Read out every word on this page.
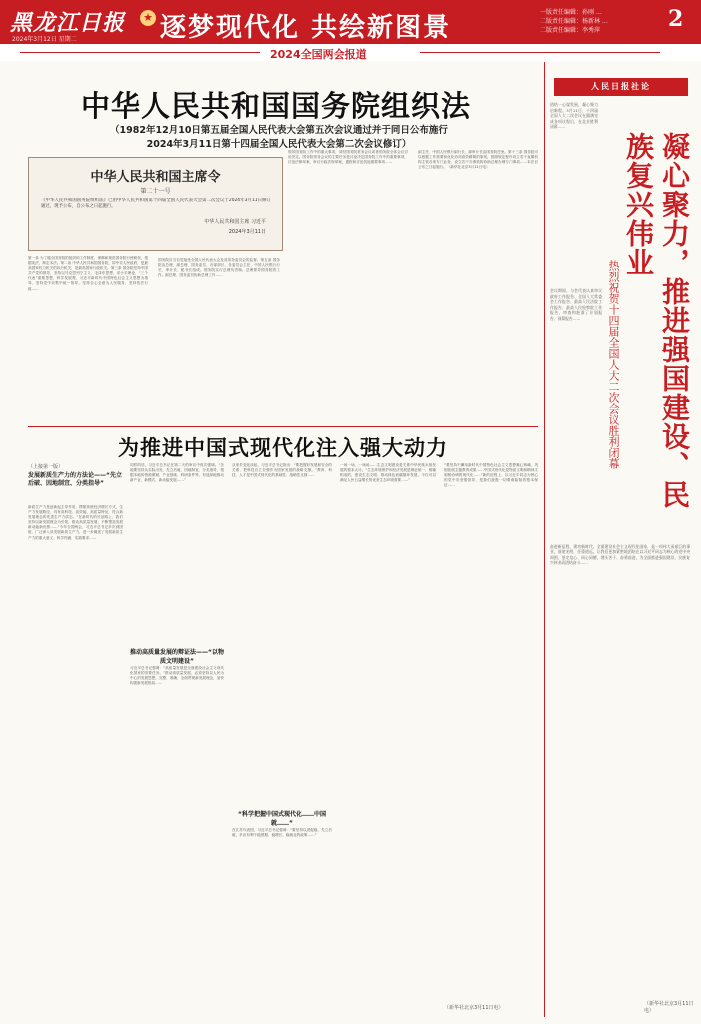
黑龙江日报
2024年3月12日 星期二
★ 逐梦现代化 共绘新图景
一版责任编辑：孙刚 …
二版责任编辑：杨新林 …
二版责任编辑：李秀萍	2
2024全国两会报道
中华人民共和国国务院组织法
（1982年12月10日第五届全国人民代表大会第五次会议通过并于同日公布施行
2024年3月11日第十四届全国人民代表大会第二次会议修订）
中华人民共和国主席令
第二十一号
《中华人民共和国国务院组织法》已由中华人民共和国第十四届全国人民代表大会第二次会议于2024年3月11日修订通过，现予公布，自公布之日起施行。
中华人民共和国主席 习近平
2024年3月11日
第一条 为了健全国务院的组织和工作制度，保障和规范国务院行使职权，根据宪法，制定本法。第二条 中华人民共和国国务院，即中央人民政府，是最高国家权力机关的执行机关，是最高国家行政机关。第三条 国务院坚持中国共产党的领导，坚持以马克思列宁主义、毛泽东思想、邓小平理论、“三个代表”重要思想、科学发展观、习近平新时代中国特色社会主义思想为指导，坚持党中央集中统一领导，坚持全心全意为人民服务，坚持依法行政……
国务院应当自觉接受全国人民代表大会及其常务委员会的监督。第五条 国务院由总理、副总理、国务委员、各部部长、各委员会主任、中国人民银行行长、审计长、秘书长组成。国务院实行总理负责制。总理领导国务院的工作。副总理、国务委员协助总理工作……
领导国务院工作中的重大事项，须经国务院常务会议或者国务院全体会议讨论决定。国务院常务会议的主要任务是讨论决定国务院工作中的重要事项，讨论法律草案、审议行政法规草案，通报和讨论其他重要事项……
副主任、中国人民银行副行长、副审计长由国务院任免。第十三条 国务院可以根据工作需要和优化协同高效精简的原则，按照规定程序设立若干直属机构主管各项专门业务，设立若干办事机构协助总理办理专门事项……本法自公布之日起施行。（新华社北京3月11日电）
为推进中国式现代化注入强大动力
（上接第一版）
发展新质生产力的方法论——“先立后破、因地制宜、分类指导”
新质生产力是创新起主导作用，摆脱传统经济增长方式、生产力发展路径，具有高科技、高效能、高质量特征，符合新发展理念的先进生产力质态。“在新时代的长征路上，我们坚持以新发展理念为引领，推动高质量发展，不断塑造发展新动能新优势……”今年全国两会，习近平总书记多次到团组，广泛深入谈发展新质生产力，进一步阐述了发展新质生产力的重大意义、科学内涵、实践要求……
同样的话，习近平总书记在第二天的审议中再次强调。“各地要坚持从实际出发，先立后破、因地制宜、分类指导，根据本地的资源禀赋、产业基础、科研条件等，有选择地推动新产业、新模式、新动能发展……”
推动高质量发展的辩证法——“以物质文明建设”
习近平总书记强调：“高质量发展是全面建设社会主义现代化国家的首要任务。”推动高质量发展，必须坚持以人民为中心的发展思想，完整、准确、全面贯彻新发展理念，加快构建新发展格局……
从家乡变化谈起，习近平总书记指出：“要把握好发展和安全的关系，把科技自立自强作为国家发展的战略支撑。”教育、科技、人才是中国式现代化的基础性、战略性支撑……
“科学把握中国式现代化……中国就……”
在江苏代表团，习近平总书记强调：“要坚持以进促稳、先立后破，多出有利于稳预期、稳增长、稳就业的政策……”
一场一场，一场场……生态文明建设是关系中华民族永续发展的根本大计。“生态环境保护和经济发展是辩证统一、相辅相成的，建设生态文明、推动绿色低碳循环发展，不仅可以满足人民日益增长的优美生态环境需要……”
“要坚持不懈用新时代中国特色社会主义思想凝心铸魂，巩固拓展主题教育成果……中国式现代化是物质文明和精神文明相协调的现代化……”新的征程上，以习近平同志为核心的党中央坚强领导，是我们战胜一切艰难险阻的根本保证……
（新华社北京3月11日电）
人民日报社论
团结一心谋发展，凝心聚力启新程。3月11日，十四届全国人大二次会议在圆满完成各项议程后，在北京胜利闭幕……
凝心聚力，推进强国建设、民族复兴伟业
热烈祝贺十四届全国人大二次会议胜利闭幕
会议期间，与会代表认真审议政府工作报告、全国人大常委会工作报告、最高人民法院工作报告、最高人民检察院工作报告，审查和批准了计划报告、预算报告……
奋进新征程，建功新时代。全面建设社会主义现代化国家，是一项伟大而艰巨的事业，前途光明，任重道远。让我们更加紧密地团结在以习近平同志为核心的党中央周围，坚定信心、同心同德，埋头苦干、奋勇前进，为全面推进强国建设、民族复兴伟业而团结奋斗……
（新华社北京3月11日电）
